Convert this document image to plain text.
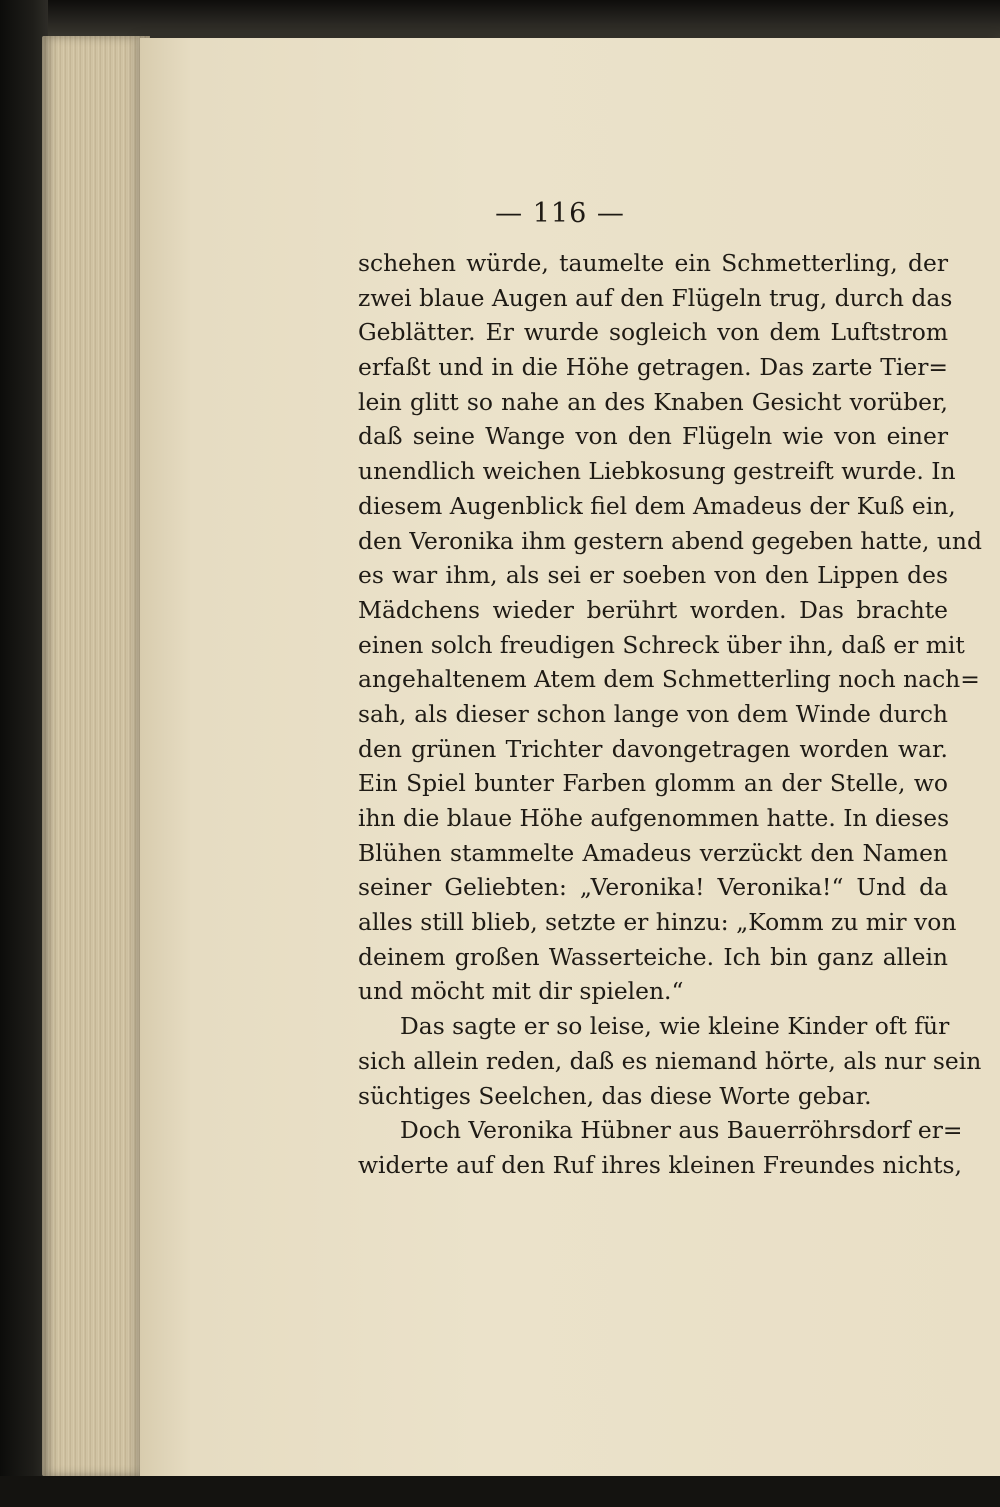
— 116 —
schehen würde, taumelte ein Schmetterling, der
zwei blaue Augen auf den Flügeln trug, durch das
Geblätter. Er wurde sogleich von dem Luftstrom
erfaßt und in die Höhe getragen. Das zarte Tier=
lein glitt so nahe an des Knaben Gesicht vorüber,
daß seine Wange von den Flügeln wie von einer
unendlich weichen Liebkosung gestreift wurde. In
diesem Augenblick fiel dem Amadeus der Kuß ein,
den Veronika ihm gestern abend gegeben hatte, und
es war ihm, als sei er soeben von den Lippen des
Mädchens wieder berührt worden. Das brachte
einen solch freudigen Schreck über ihn, daß er mit
angehaltenem Atem dem Schmetterling noch nach=
sah, als dieser schon lange von dem Winde durch
den grünen Trichter davongetragen worden war.
Ein Spiel bunter Farben glomm an der Stelle, wo
ihn die blaue Höhe aufgenommen hatte. In dieses
Blühen stammelte Amadeus verzückt den Namen
seiner Geliebten: „Veronika! Veronika!“ Und da
alles still blieb, setzte er hinzu: „Komm zu mir von
deinem großen Wasserteiche. Ich bin ganz allein
und möcht mit dir spielen.“
Das sagte er so leise, wie kleine Kinder oft für
sich allein reden, daß es niemand hörte, als nur sein
süchtiges Seelchen, das diese Worte gebar.
Doch Veronika Hübner aus Bauerröhrsdorf er=
widerte auf den Ruf ihres kleinen Freundes nichts,
